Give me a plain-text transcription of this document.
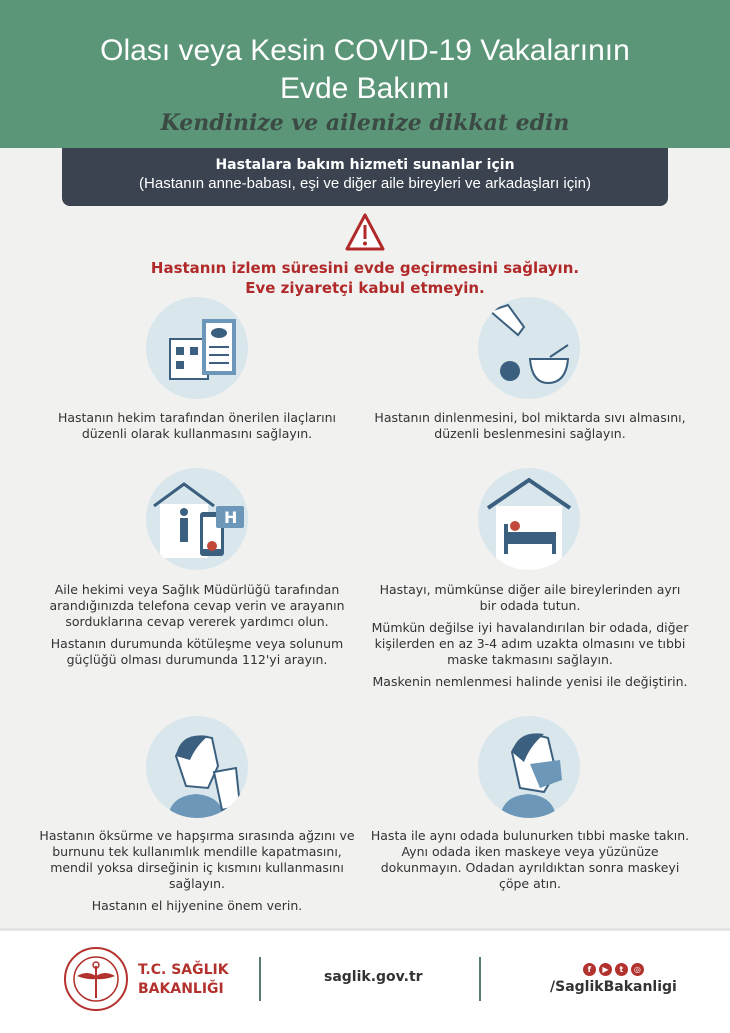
Olası veya Kesin COVID-19 Vakalarının
Evde Bakımı
Kendinize ve ailenize dikkat edin
Hastalara bakım hizmeti sunanlar için
(Hastanın anne-babası, eşi ve diğer aile bireyleri ve arkadaşları için)
Hastanın izlem süresini evde geçirmesini sağlayın.
Eve ziyaretçi kabul etmeyin.

Hastanın hekim tarafından önerilen ilaçlarını düzenli olarak kullanmasını sağlayın.

Hastanın dinlenmesini, bol miktarda sıvı almasını, düzenli beslenmesini sağlayın.

H

Aile hekimi veya Sağlık Müdürlüğü tarafından arandığınızda telefona cevap verin ve arayanın sorduklarına cevap vererek yardımcı olun.

Hastanın durumunda kötüleşme veya solunum güçlüğü olması durumunda 112'yi arayın.

Hastayı, mümkünse diğer aile bireylerinden ayrı bir odada tutun.

Mümkün değilse iyi havalandırılan bir odada, diğer kişilerden en az 3-4 adım uzakta olmasını ve tıbbi maske takmasını sağlayın.

Maskenin nemlenmesi halinde yenisi ile değiştirin.

Hastanın öksürme ve hapşırma sırasında ağzını ve burnunu tek kullanımlık mendille kapatmasını, mendil yoksa dirseğinin iç kısmını kullanmasını sağlayın.

Hastanın el hijyenine önem verin.

Hasta ile aynı odada bulunurken tıbbi maske takın. Aynı odada iken maskeye veya yüzünüze dokunmayın. Odadan ayrıldıktan sonra maskeyi çöpe atın.

T.C. SAĞLIK
BAKANLIĞI
saglik.gov.tr	f	▶	t	◎
/SaglikBakanligi
